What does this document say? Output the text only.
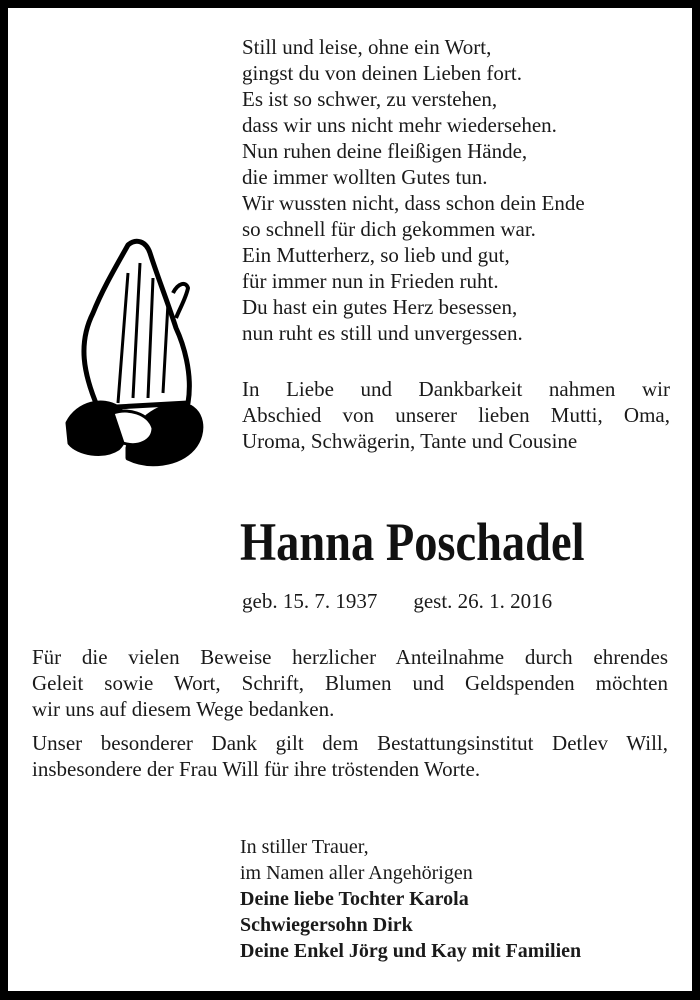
Still und leise, ohne ein Wort,
gingst du von deinen Lieben fort.
Es ist so schwer, zu verstehen,
dass wir uns nicht mehr wiedersehen.
Nun ruhen deine fleißigen Hände,
die immer wollten Gutes tun.
Wir wussten nicht, dass schon dein Ende
so schnell für dich gekommen war.
Ein Mutterherz, so lieb und gut,
für immer nun in Frieden ruht.
Du hast ein gutes Herz besessen,
nun ruht es still und unvergessen.
In Liebe und Dankbarkeit nahmen wir
Abschied von unserer lieben Mutti, Oma,
Uroma, Schwägerin, Tante und Cousine
Hanna Poschadel
geb. 15. 7. 1937 gest. 26. 1. 2016

Für die vielen Beweise herzlicher Anteilnahme durch ehrendes
Geleit sowie Wort, Schrift, Blumen und Geldspenden möchten
wir uns auf diesem Wege bedanken.

Unser besonderer Dank gilt dem Bestattungsinstitut Detlev Will,
insbesondere der Frau Will für ihre tröstenden Worte.

In stiller Trauer,
im Namen aller Angehörigen
Deine liebe Tochter Karola
Schwiegersohn Dirk
Deine Enkel Jörg und Kay mit Familien
